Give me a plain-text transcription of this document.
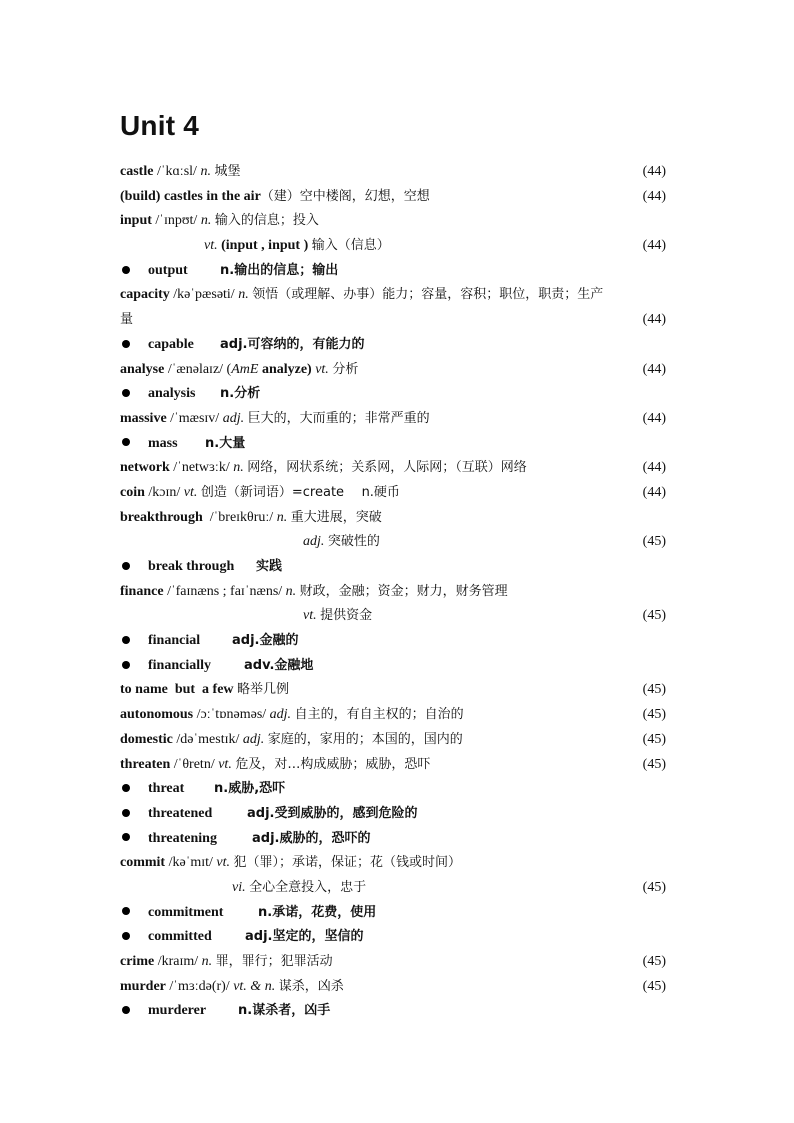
Unit 4
castle /ˈkɑːsl/ n. 城堡	(44)
(build) castles in the air（建）空中楼阁，幻想，空想	(44)
input /ˈɪnpʊt/ n. 输入的信息；投入
vt. (input , input ) 输入（信息）	(44)
output n.输出的信息；输出
capacity /kəˈpæsəti/ n. 领悟（或理解、办事）能力；容量，容积；职位，职责；生产
量	(44)
capable adj.可容纳的，有能力的
analyse /ˈænəlaɪz/ (AmE analyze) vt. 分析	(44)
analysis n.分析
massive /ˈmæsɪv/ adj. 巨大的，大而重的；非常严重的	(44)
mass n.大量
network /ˈnetwɜːk/ n. 网络，网状系统；关系网，人际网；（互联）网络	(44)
coin /kɔɪn/ vt. 创造（新词语）=create n.硬币	(44)
breakthrough /ˈbreɪkθruː/ n. 重大进展，突破
adj. 突破性的	(45)
break through 实践
finance /ˈfaɪnæns ; faɪˈnæns/ n. 财政，金融；资金；财力，财务管理
vt. 提供资金	(45)
financial adj.金融的
financially	adv.金融地
to name  but  a few 略举几例	(45)
autonomous /ɔːˈtɒnəməs/ adj. 自主的，有自主权的；自治的	(45)
domestic /dəˈmestɪk/ adj. 家庭的，家用的；本国的，国内的	(45)
threaten /ˈθretn/ vt. 危及，对…构成威胁；威胁，恐吓	(45)
threat n.威胁,恐吓
threatened	adj.受到威胁的，感到危险的
threatening	adj.威胁的，恐吓的
commit /kəˈmɪt/ vt. 犯（罪）；承诺，保证；花（钱或时间）
vi. 全心全意投入，忠于	(45)
commitment	n.承诺，花费，使用
committed	adj.坚定的，坚信的
crime /kraɪm/ n. 罪，罪行；犯罪活动	(45)
murder /ˈmɜːdə(r)/ vt. & n. 谋杀，凶杀	(45)
murderer n.谋杀者，凶手
